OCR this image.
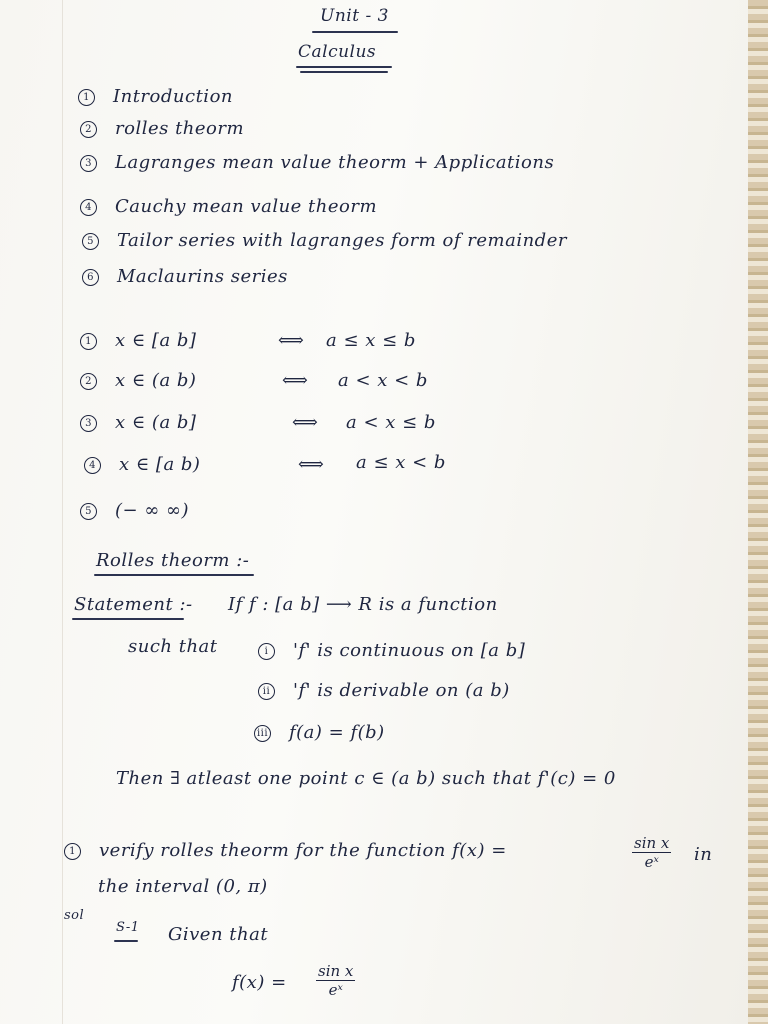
Unit - 3
Calculus
1 Introduction
2 rolles theorm
3 Lagranges mean value theorm + Applications
4 Cauchy mean value theorm
5 Tailor series with lagranges form of remainder
6 Maclaurins series
1 x ∈ [a b]	⟺ a ≤ x ≤ b
2 x ∈ (a b)	⟺ a < x < b
3 x ∈ (a b]	⟺ a < x ≤ b
4 x ∈ [a b)	⟺ a ≤ x < b
5 (− ∞ ∞)
Rolles theorm :-
Statement :- If f : [a b] ⟶ R is a function
such that	i 'f' is continuous on [a b]
ii 'f' is derivable on (a b)
iii f(a) = f(b)
Then ∃ atleast one point c ∈ (a b) such that f'(c) = 0
1 verify rolles theorm for the function f(x) =	$\frac{\text{sin x}}{\text{eˣ}}$ in
the interval (0, π)
sol
S-1 Given that
$f(x) = \frac{\text{sin x}}{\text{eˣ}}$
